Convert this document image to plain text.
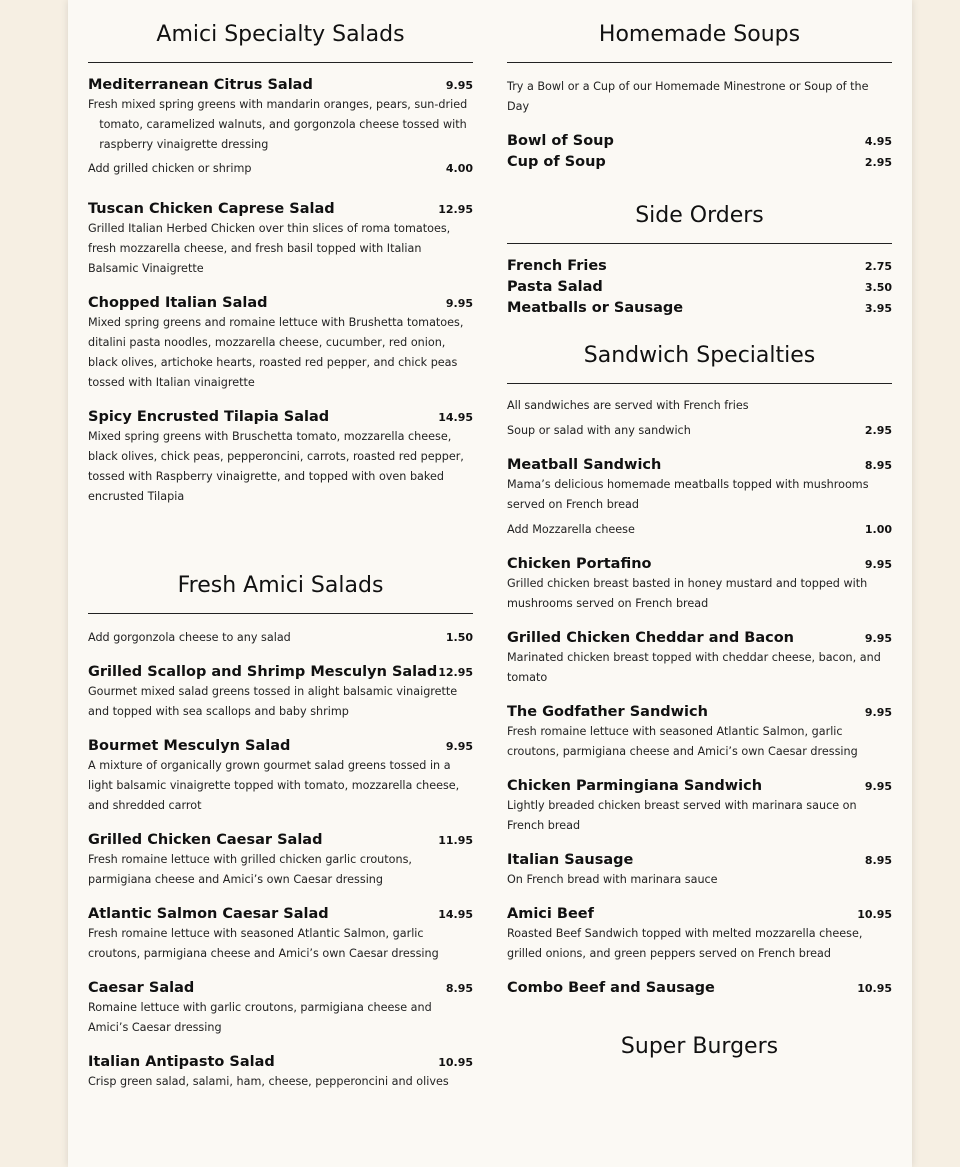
Amici Specialty Salads
Mediterranean Citrus Salad	9.95
Fresh mixed spring greens with mandarin oranges, pears, sun-dried  tomato, caramelized walnuts, and gorgonzola cheese tossed with  raspberry vinaigrette dressing
Add grilled chicken or shrimp	4.00
Tuscan Chicken Caprese Salad	12.95
Grilled Italian Herbed Chicken over thin slices of roma tomatoes, fresh mozzarella cheese, and fresh basil topped with Italian Balsamic Vinaigrette
Chopped Italian Salad	9.95
Mixed spring greens and romaine lettuce with Brushetta tomatoes, ditalini pasta noodles, mozzarella cheese, cucumber, red onion, black olives, artichoke hearts, roasted red pepper, and chick peas tossed with Italian vinaigrette
Spicy Encrusted Tilapia Salad	14.95
Mixed spring greens with Bruschetta tomato, mozzarella cheese, black olives, chick peas, pepperoncini, carrots, roasted red pepper, tossed with Raspberry vinaigrette, and topped with oven baked encrusted Tilapia
Fresh Amici Salads
Add gorgonzola cheese to any salad	1.50
Grilled Scallop and Shrimp Mesculyn Salad 12.95
Gourmet mixed salad greens tossed in alight balsamic vinaigrette and topped with sea scallops and baby shrimp
Bourmet Mesculyn Salad	9.95
A mixture of organically grown gourmet salad greens tossed in a light balsamic vinaigrette topped with tomato, mozzarella cheese, and shredded carrot
Grilled Chicken Caesar Salad	11.95
Fresh romaine lettuce with grilled chicken garlic croutons, parmigiana cheese and Amici’s own Caesar dressing
Atlantic Salmon Caesar Salad	14.95
Fresh romaine lettuce with seasoned Atlantic Salmon, garlic croutons, parmigiana cheese and Amici’s own Caesar dressing
Caesar Salad	8.95
Romaine lettuce with garlic croutons, parmigiana cheese and Amici’s Caesar dressing
Italian Antipasto Salad	10.95
Crisp green salad, salami, ham, cheese, pepperoncini and olives
Homemade Soups
Try a Bowl or a Cup of our Homemade Minestrone or Soup of the Day
Bowl of Soup	4.95
Cup of Soup	2.95
Side Orders
French Fries	2.75
Pasta Salad	3.50
Meatballs or Sausage	3.95
Sandwich Specialties
All sandwiches are served with French fries
Soup or salad with any sandwich	2.95
Meatball Sandwich	8.95
Mama’s delicious homemade meatballs topped with mushrooms served on French bread
Add Mozzarella cheese	1.00
Chicken Portafino	9.95
Grilled chicken breast basted in honey mustard and topped with mushrooms served on French bread
Grilled Chicken Cheddar and Bacon	9.95
Marinated chicken breast topped with cheddar cheese, bacon, and tomato
The Godfather Sandwich	9.95
Fresh romaine lettuce with seasoned Atlantic Salmon, garlic croutons, parmigiana cheese and Amici’s own Caesar dressing
Chicken Parmingiana Sandwich	9.95
Lightly breaded chicken breast served with marinara sauce on French bread
Italian Sausage	8.95
On French bread with marinara sauce
Amici Beef	10.95
Roasted Beef Sandwich topped with melted mozzarella cheese, grilled onions, and green peppers served on French bread
Combo Beef and Sausage	10.95
Super Burgers
